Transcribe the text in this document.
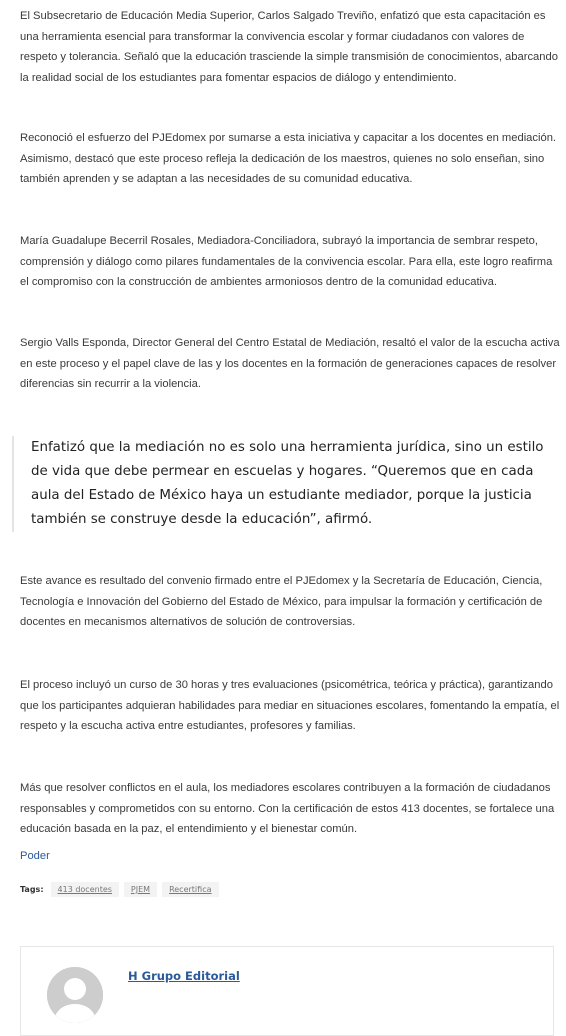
El Subsecretario de Educación Media Superior, Carlos Salgado Treviño, enfatizó que esta capacitación es una herramienta esencial para transformar la convivencia escolar y formar ciudadanos con valores de respeto y tolerancia. Señaló que la educación trasciende la simple transmisión de conocimientos, abarcando la realidad social de los estudiantes para fomentar espacios de diálogo y entendimiento.

Reconoció el esfuerzo del PJEdomex por sumarse a esta iniciativa y capacitar a los docentes en mediación. Asimismo, destacó que este proceso refleja la dedicación de los maestros, quienes no solo enseñan, sino también aprenden y se adaptan a las necesidades de su comunidad educativa.

María Guadalupe Becerril Rosales, Mediadora-Conciliadora, subrayó la importancia de sembrar respeto, comprensión y diálogo como pilares fundamentales de la convivencia escolar. Para ella, este logro reafirma el compromiso con la construcción de ambientes armoniosos dentro de la comunidad educativa.

Sergio Valls Esponda, Director General del Centro Estatal de Mediación, resaltó el valor de la escucha activa en este proceso y el papel clave de las y los docentes en la formación de generaciones capaces de resolver diferencias sin recurrir a la violencia.

Este avance es resultado del convenio firmado entre el PJEdomex y la Secretaría de Educación, Ciencia, Tecnología e Innovación del Gobierno del Estado de México, para impulsar la formación y certificación de docentes en mecanismos alternativos de solución de controversias.

El proceso incluyó un curso de 30 horas y tres evaluaciones (psicométrica, teórica y práctica), garantizando que los participantes adquieran habilidades para mediar en situaciones escolares, fomentando la empatía, el respeto y la escucha activa entre estudiantes, profesores y familias.

Más que resolver conflictos en el aula, los mediadores escolares contribuyen a la formación de ciudadanos responsables y comprometidos con su entorno. Con la certificación de estos 413 docentes, se fortalece una educación basada en la paz, el entendimiento y el bienestar común.

Poder
Tags:	413 docentes	PJEM	Recertifica

Enfatizó que la mediación no es solo una herramienta jurídica, sino un estilo de vida que debe permear en escuelas y hogares. “Queremos que en cada aula del Estado de México haya un estudiante mediador, porque la justicia también se construye desde la educación”, afirmó.

H Grupo Editorial
